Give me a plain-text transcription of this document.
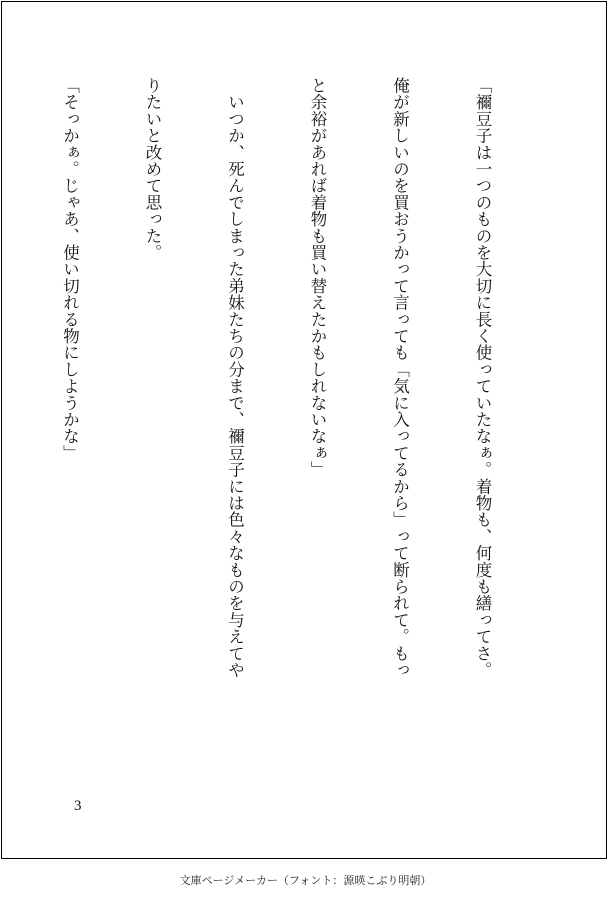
「禰豆子は一つのものを大切に長く使っていたなぁ。着物も、何度も繕ってさ。

俺が新しいのを買おうかって言っても「気に入ってるから」って断られて。もっ

と余裕があれば着物も買い替えたかもしれないなぁ」

　いつか、死んでしまった弟妹たちの分まで、禰豆子には色々なものを与えてや

りたいと改めて思った。

「そっかぁ。じゃあ、使い切れる物にしようかな」

3
文庫ページメーカー（フォント：源暎こぶり明朝）
